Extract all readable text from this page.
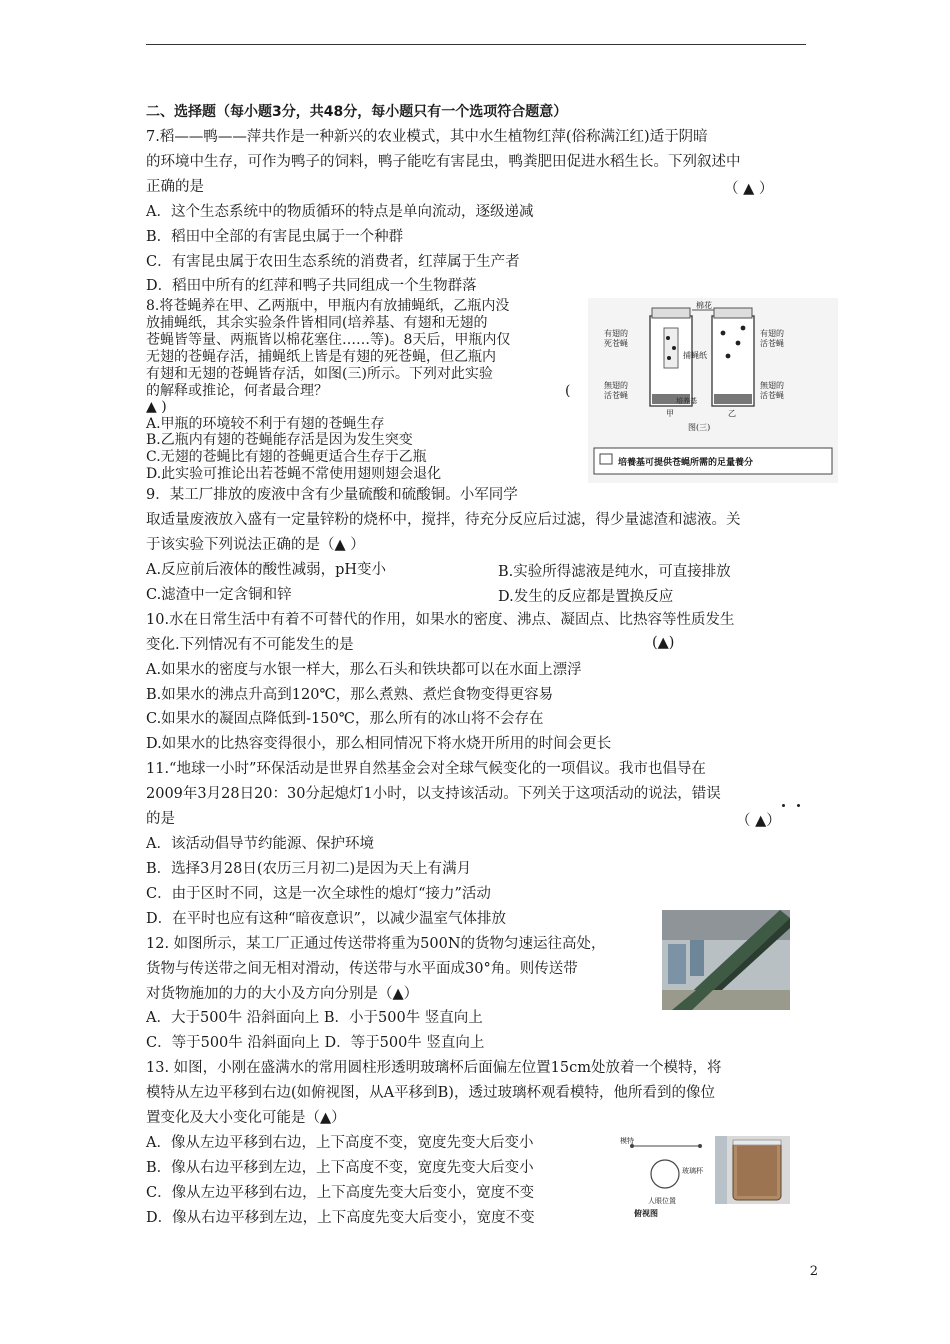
二、选择题（每小题3分，共48分，每小题只有一个选项符合题意）
7.稻——鸭——萍共作是一种新兴的农业模式，其中水生植物红萍(俗称满江红)适于阴暗
的环境中生存，可作为鸭子的饲料，鸭子能吃有害昆虫，鸭粪肥田促进水稻生长。下列叙述中
正确的是	（ ▲ ）
A．这个生态系统中的物质循环的特点是单向流动，逐级递减
B．稻田中全部的有害昆虫属于一个种群
C．有害昆虫属于农田生态系统的消费者，红萍属于生产者
D．稻田中所有的红萍和鸭子共同组成一个生物群落
8.将苍蝇养在甲、乙两瓶中，甲瓶内有放捕蝇纸，乙瓶内没
放捕蝇纸，其余实验条件皆相同(培养基、有翅和无翅的
苍蝇皆等量、两瓶皆以棉花塞住……等)。8天后，甲瓶内仅
无翅的苍蝇存活，捕蝇纸上皆是有翅的死苍蝇，但乙瓶内
有翅和无翅的苍蝇皆存活，如图(三)所示。下列对此实验
的解释或推论，何者最合理？	(
▲ )
A.甲瓶的环境较不利于有翅的苍蝇生存
B.乙瓶内有翅的苍蝇能存活是因为发生突变
C.无翅的苍蝇比有翅的苍蝇更适合生存于乙瓶
D.此实验可推论出若苍蝇不常使用翅则翅会退化
棉花
有翅的
死苍蝇
捕蝇纸
有翅的
活苍蝇
無翅的
活苍蝇
培养基
無翅的
活苍蝇
甲	乙
图(三)
培養基可提供苍蝇所需的足量養分
9．某工厂排放的废液中含有少量硫酸和硫酸铜。小军同学
取适量废液放入盛有一定量锌粉的烧杯中，搅拌，待充分反应后过滤，得少量滤渣和滤液。关
于该实验下列说法正确的是（▲ ）
A.反应前后液体的酸性减弱，pH变小	B.实验所得滤液是纯水，可直接排放
C.滤渣中一定含铜和锌	D.发生的反应都是置换反应
10.水在日常生活中有着不可替代的作用，如果水的密度、沸点、凝固点、比热容等性质发生
变化.下列情况有不可能发生的是	(▲)
A.如果水的密度与水银一样大，那么石头和铁块都可以在水面上漂浮
B.如果水的沸点升高到120℃，那么煮熟、煮烂食物变得更容易
C.如果水的凝固点降低到-150℃，那么所有的冰山将不会存在
D.如果水的比热容变得很小，那么相同情况下将水烧开所用的时间会更长
11.“地球一小时”环保活动是世界自然基金会对全球气候变化的一项倡议。我市也倡导在
2009年3月28日20：30分起熄灯1小时，以支持该活动。下列关于这项活动的说法，错误
的是	（ ▲）
A．该活动倡导节约能源、保护环境
B．选择3月28日(农历三月初二)是因为天上有满月
C．由于区时不同，这是一次全球性的熄灯“接力”活动
D．在平时也应有这种“暗夜意识”，以减少温室气体排放
12. 如图所示，某工厂正通过传送带将重为500N的货物匀速运往高处，
货物与传送带之间无相对滑动，传送带与水平面成30°角。则传送带
对货物施加的力的大小及方向分别是（▲）
A．大于500牛 沿斜面向上 B．小于500牛 竖直向上
C．等于500牛 沿斜面向上 D．等于500牛 竖直向上
13. 如图，小刚在盛满水的常用圆柱形透明玻璃杯后面偏左位置15cm处放着一个模特，将
模特从左边平移到右边(如俯视图，从A平移到B)，透过玻璃杯观看模特，他所看到的像位
置变化及大小变化可能是（▲）
A．像从左边平移到右边，上下高度不变，宽度先变大后变小
B．像从右边平移到左边，上下高度不变，宽度先变大后变小
C．像从左边平移到右边，上下高度先变大后变小，宽度不变
D．像从右边平移到左边，上下高度先变大后变小，宽度不变
模特
玻璃杯
人眼位置
俯视图
2
